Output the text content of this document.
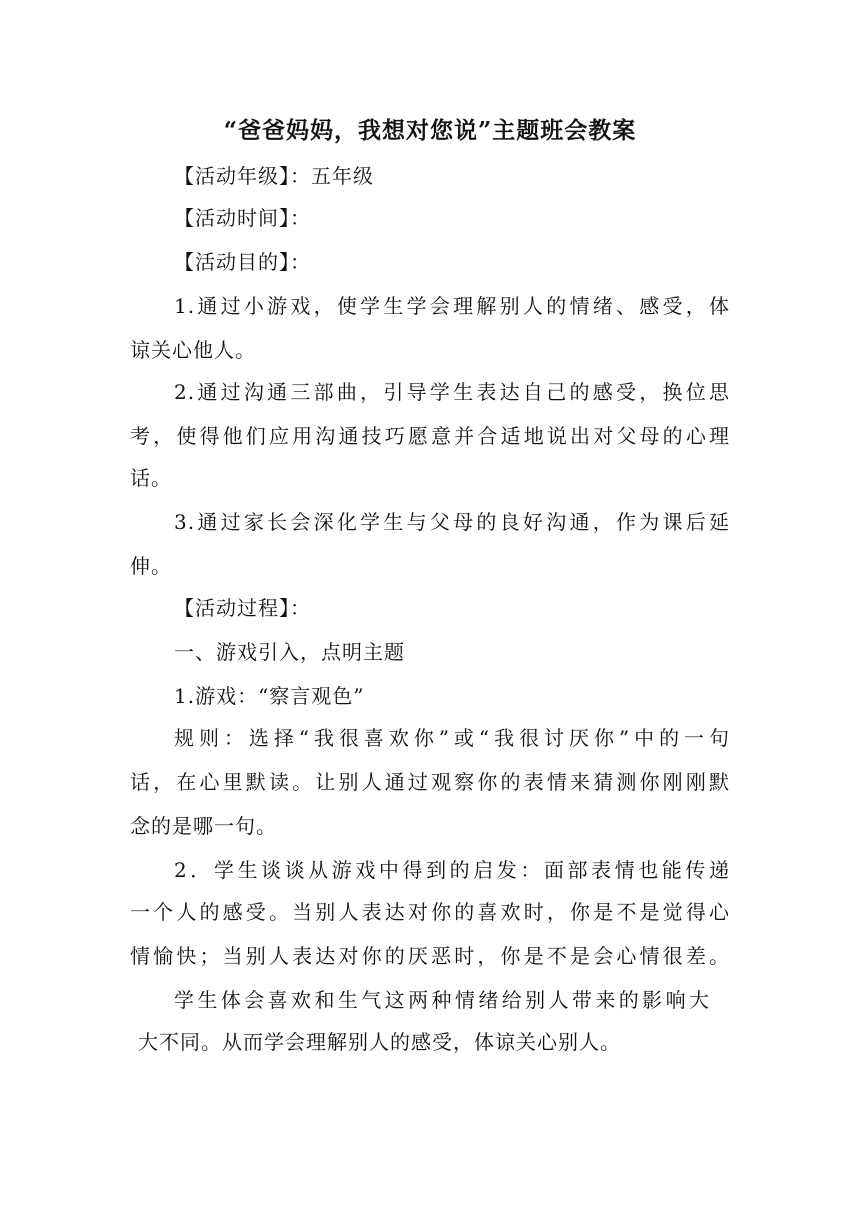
“爸爸妈妈，我想对您说”主题班会教案
【活动年级】：五年级
【活动时间】：
【活动目的】：
1.通过小游戏，使学生学会理解别人的情绪、感受，体
谅关心他人。
2.通过沟通三部曲，引导学生表达自己的感受，换位思
考，使得他们应用沟通技巧愿意并合适地说出对父母的心理
话。
3.通过家长会深化学生与父母的良好沟通，作为课后延
伸。
【活动过程】：
一、游戏引入，点明主题
1.游戏：“察言观色”
规则：选择“我很喜欢你”或“我很讨厌你”中的一句
话，在心里默读。让别人通过观察你的表情来猜测你刚刚默
念的是哪一句。
2．学生谈谈从游戏中得到的启发：面部表情也能传递
一个人的感受。当别人表达对你的喜欢时，你是不是觉得心
情愉快；当别人表达对你的厌恶时，你是不是会心情很差。
学生体会喜欢和生气这两种情绪给别人带来的影响大
大不同。从而学会理解别人的感受，体谅关心别人。
